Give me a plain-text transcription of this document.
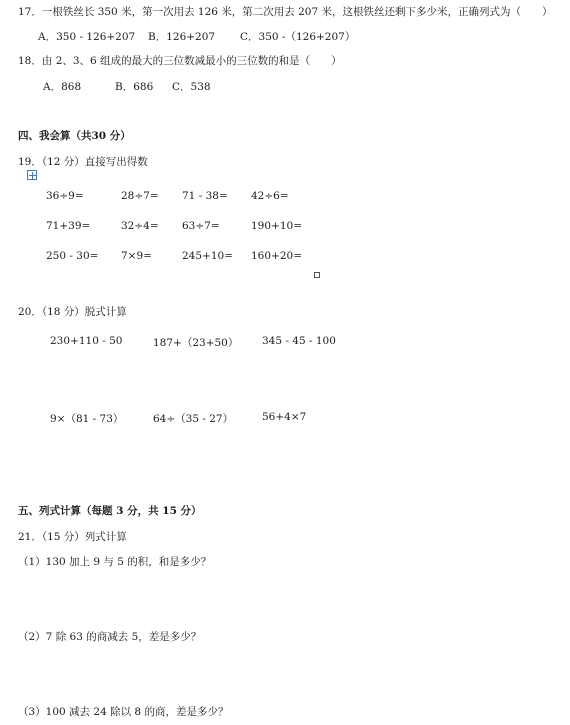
17．一根铁丝长 350 米，第一次用去 126 米，第二次用去 207 米，这根铁丝还剩下多少米，正确列式为（　　）
A．350 - 126+207 B．126+207 C．350 -（126+207）
18．由 2、3、6 组成的最大的三位数减最小的三位数的和是（　　）
A．868	B．686 C．538
四、我会算（共30 分）
19．（12 分）直接写出得数
36÷9=	28÷7= 71 - 38= 42÷6=
71+39=	32÷4= 63÷7=	190+10=
250 - 30= 7×9=	245+10= 160+20=
20．（18 分）脱式计算
230+110 - 50	187+（23+50） 345 - 45 - 100
9×（81 - 73）	64÷（35 - 27）	56+4×7
五、列式计算（每题 3 分，共 15 分）
21．（15 分）列式计算
（1）130 加上 9 与 5 的积，和是多少？
（2）7 除 63 的商减去 5，差是多少？
（3）100 减去 24 除以 8 的商，差是多少？
